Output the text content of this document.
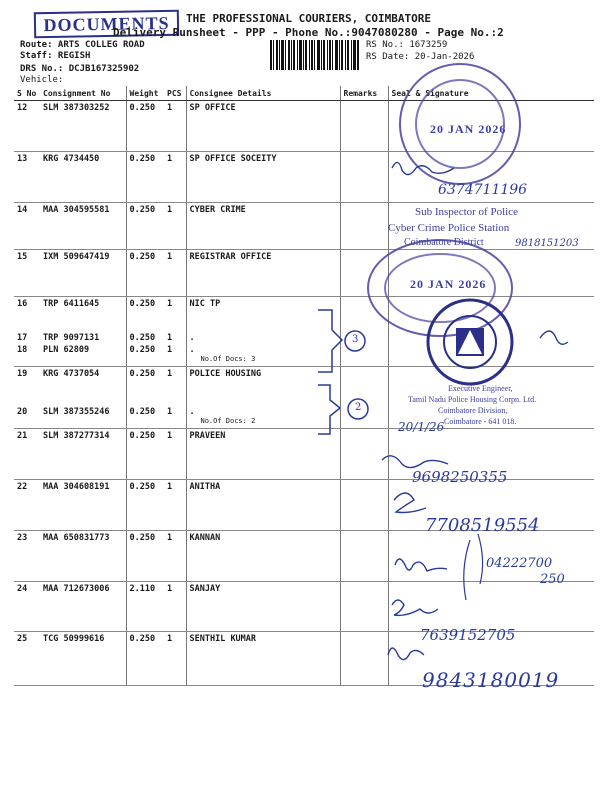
DOCUMENTS	THE PROFESSIONAL COURIERS, COIMBATORE
Delivery Runsheet - PPP - Phone No.:9047080280 - Page No.:2
Route: ARTS COLLEG ROAD
Staff: REGISH
DRS No.: DCJB167325902
Vehicle:
RS No.: 1673259
RS Date: 20-Jan-2026
S No	Consignment No	Weight	PCS	Consignee Details	Remarks	Seal & Signature
12	SLM 387303252	0.250	1	SP OFFICE		
13	KRG 4734450	0.250	1	SP OFFICE SOCEITY		
14	MAA 304595581	0.250	1	CYBER CRIME		
15	IXM 509647419	0.250	1	REGISTRAR OFFICE		
16	TRP 6411645	0.250	1	NIC TP		
17	TRP 9097131	0.250	1	.		
18	PLN 62809	0.250	1	.
No.Of Docs: 3		

19	KRG 4737054	0.250	1	POLICE HOUSING		
20	SLM 387355246	0.250	1	.
No.Of Docs: 2		

21	SLM 387277314	0.250	1	PRAVEEN		
22	MAA 304608191	0.250	1	ANITHA		
23	MAA 650831773	0.250	1	KANNAN		
24	MAA 712673006	2.110	1	SANJAY		
25	TCG 50999616	0.250	1	SENTHIL KUMAR		
20 JAN 2026
20 JAN 2026
Sub Inspector of Police
Cyber Crime Police Station
Coimbatore District
Executive Engineer,
Tamil Nadu Police Housing Corpn. Ltd.
Coimbatore Division,
Coimbatore - 641 018.
3
2
6374711196
9818151203
20/1/26
9698250355
7708519554
04222700
250
7639152705
9843180019
